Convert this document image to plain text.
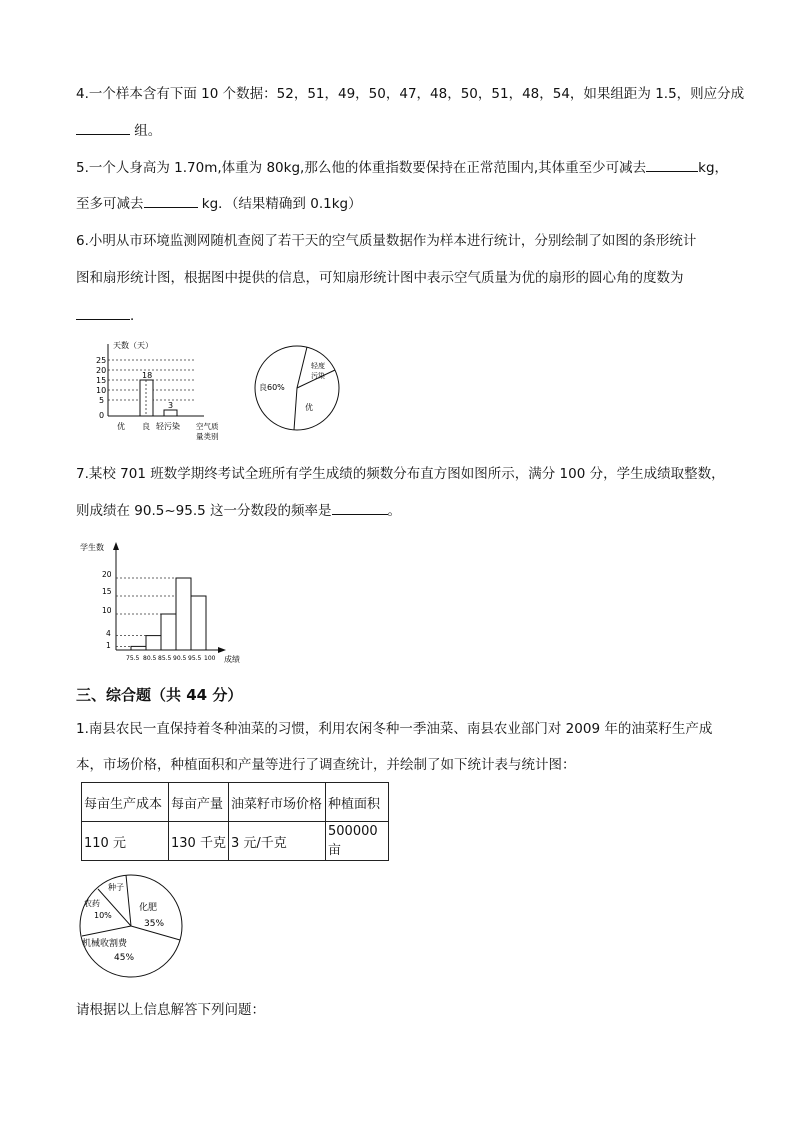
4.一个样本含有下面 10 个数据：52，51，49，50，47，48，50，51，48，54，如果组距为 1.5，则应分成
组。
5.一个人身高为 1.70m,体重为 80kg,那么他的体重指数要保持在正常范围内,其体重至少可减去	kg，
至多可减去	kg．（结果精确到 0.1kg）
6.小明从市环境监测网随机查阅了若干天的空气质量数据作为样本进行统计，分别绘制了如图的条形统计
图和扇形统计图，根据图中提供的信息，可知扇形统计图中表示空气质量为优的扇形的圆心角的度数为
．
天数（天）
25
20
15
10
5
0
18
3
优 良 轻污染 空气质
量类别
良60%
轻度
污染
优
7.某校 701 班数学期终考试全班所有学生成绩的频数分布直方图如图所示，满分 100 分，学生成绩取整数，
则成绩在 90.5~95.5 这一分数段的频率是	。
学生数
20
15
10
4
1
75.5 80.5 85.5 90.5 95.5 100 成绩
三、综合题（共 44 分）
1.南县农民一直保持着冬种油菜的习惯，利用农闲冬种一季油菜、南县农业部门对 2009 年的油菜籽生产成
本，市场价格，种植面积和产量等进行了调查统计，并绘制了如下统计表与统计图：
每亩生产成本	每亩产量	油菜籽市场价格	种植面积
110 元	130 千克	3 元/千克	500000 亩
种子
化肥
35%
农药
10%
机械收割费
45%
请根据以上信息解答下列问题：
